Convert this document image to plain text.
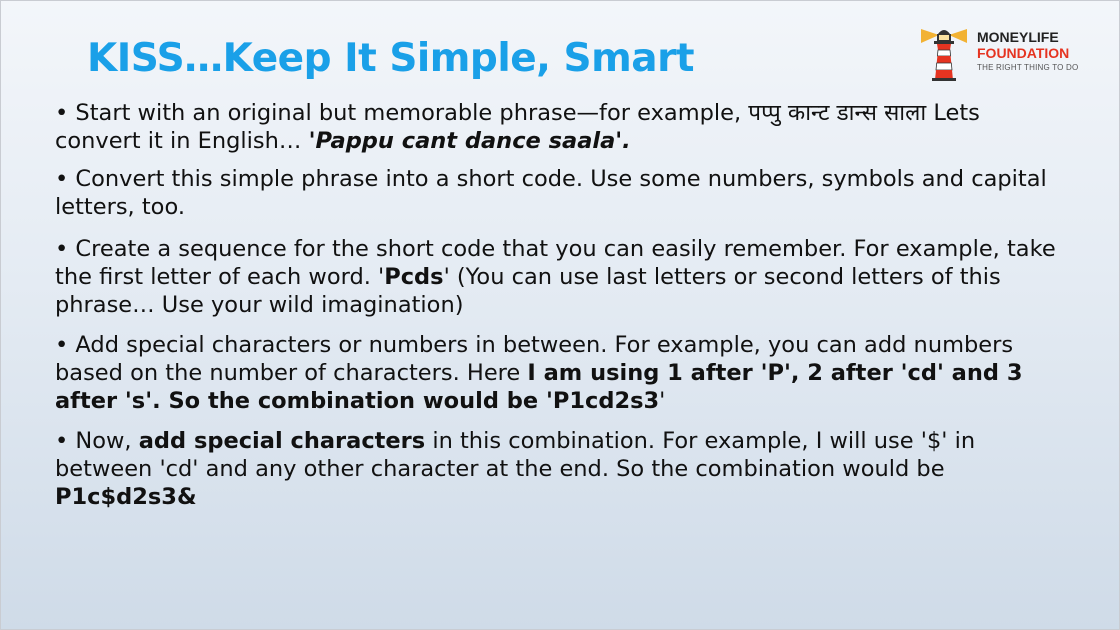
KISS…Keep It Simple, Smart	MONEYLIFE
FOUNDATION
THE RIGHT THING TO DO
• Start with an original but memorable phrase—for example, पप्पु कान्ट डान्स साला Lets convert it in English… 'Pappu cant dance saala'.
• Convert this simple phrase into a short code. Use some numbers, symbols and capital letters, too.
• Create a sequence for the short code that you can easily remember. For example, take the first letter of each word. 'Pcds' (You can use last letters or second letters of this phrase… Use your wild imagination)
• Add special characters or numbers in between. For example, you can add numbers based on the number of characters. Here I am using 1 after 'P', 2 after 'cd' and 3 after 's'. So the combination would be 'P1cd2s3'
• Now, add special characters in this combination. For example, I will use '$' in between 'cd' and any other character at the end. So the combination would be P1c$d2s3&
